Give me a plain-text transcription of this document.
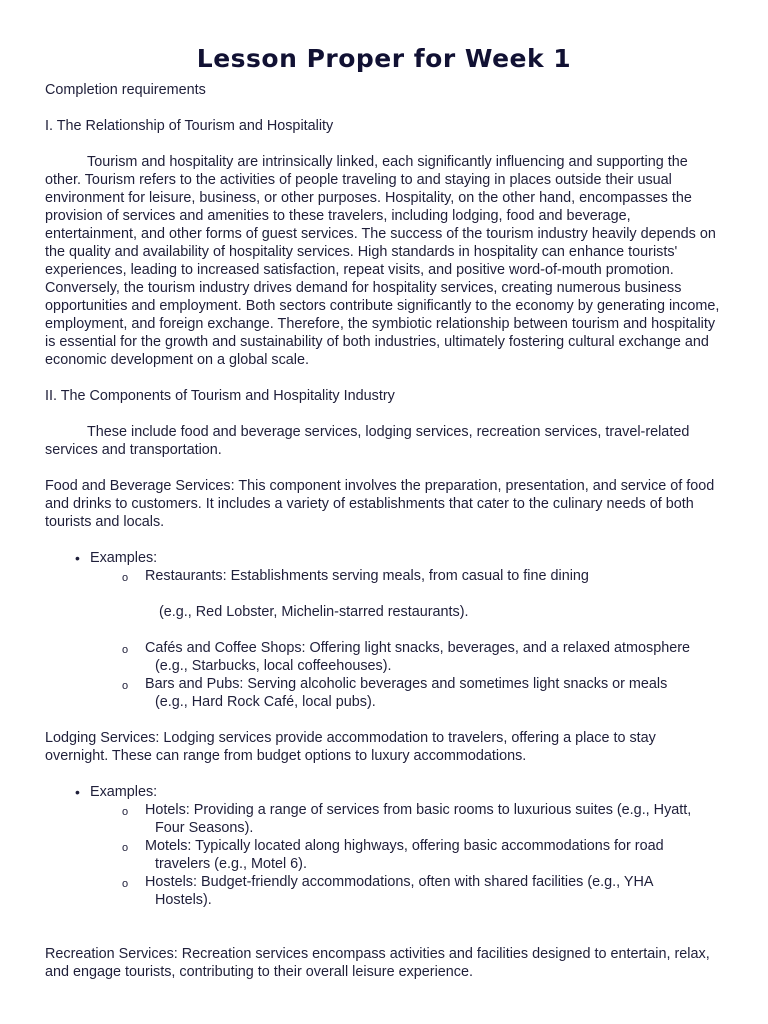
Lesson Proper for Week 1

Completion requirements

I. The Relationship of Tourism and Hospitality

Tourism and hospitality are intrinsically linked, each significantly influencing and supporting the other. Tourism refers to the activities of people traveling to and staying in places outside their usual environment for leisure, business, or other purposes. Hospitality, on the other hand, encompasses the provision of services and amenities to these travelers, including lodging, food and beverage, entertainment, and other forms of guest services. The success of the tourism industry heavily depends on the quality and availability of hospitality services. High standards in hospitality can enhance tourists' experiences, leading to increased satisfaction, repeat visits, and positive word-of-mouth promotion. Conversely, the tourism industry drives demand for hospitality services, creating numerous business opportunities and employment. Both sectors contribute significantly to the economy by generating income, employment, and foreign exchange. Therefore, the symbiotic relationship between tourism and hospitality is essential for the growth and sustainability of both industries, ultimately fostering cultural exchange and economic development on a global scale.

II. The Components of Tourism and Hospitality Industry

These include food and beverage services, lodging services, recreation services, travel-related services and transportation.

Food and Beverage Services: This component involves the preparation, presentation, and service of food and drinks to customers. It includes a variety of establishments that cater to the culinary needs of both tourists and locals.

• Examples:
o Restaurants: Establishments serving meals, from casual to fine dining
(e.g., Red Lobster, Michelin-starred restaurants).
o Cafés and Coffee Shops: Offering light snacks, beverages, and a relaxed atmosphere
(e.g., Starbucks, local coffeehouses).
o Bars and Pubs: Serving alcoholic beverages and sometimes light snacks or meals
(e.g., Hard Rock Café, local pubs).

Lodging Services: Lodging services provide accommodation to travelers, offering a place to stay overnight. These can range from budget options to luxury accommodations.

• Examples:
o Hotels: Providing a range of services from basic rooms to luxurious suites (e.g., Hyatt,
Four Seasons).
o Motels: Typically located along highways, offering basic accommodations for road
travelers (e.g., Motel 6).
o Hostels: Budget-friendly accommodations, often with shared facilities (e.g., YHA
Hostels).

Recreation Services: Recreation services encompass activities and facilities designed to entertain, relax, and engage tourists, contributing to their overall leisure experience.
